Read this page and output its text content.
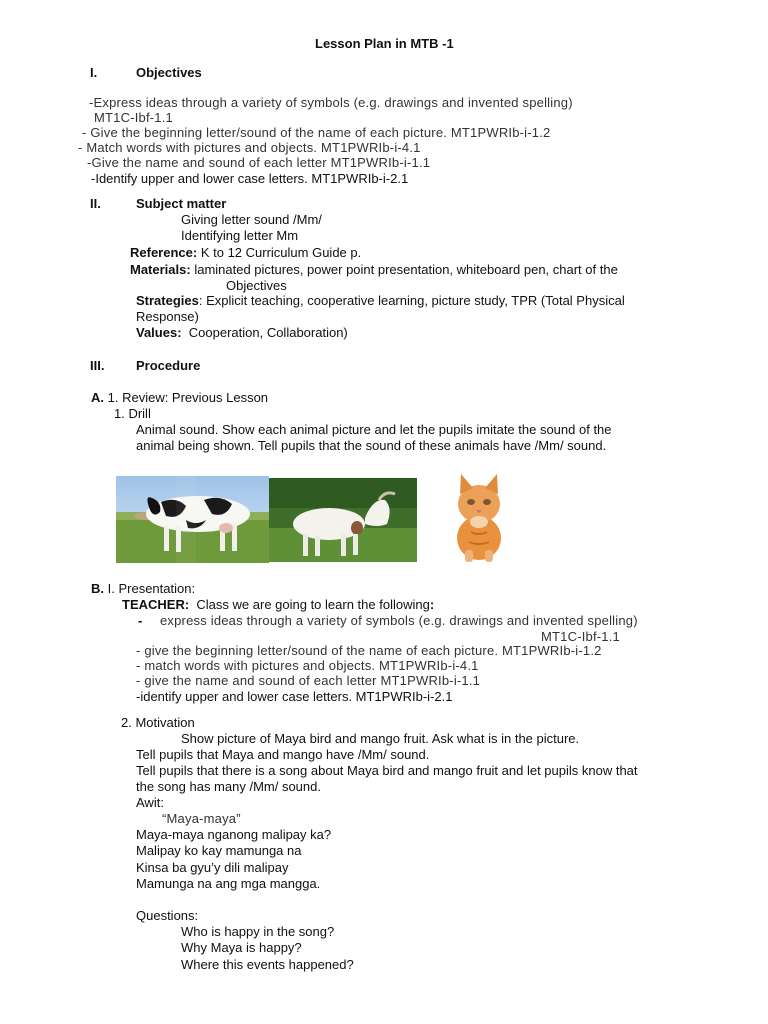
Lesson Plan in MTB -1
I.	Objectives
-Express ideas through a variety of symbols (e.g. drawings and invented spelling)
MT1C-Ibf-1.1
- Give the beginning letter/sound of the name of each picture. MT1PWRIb-i-1.2
- Match words with pictures and objects. MT1PWRIb-i-4.1
-Give the name and sound of each letter MT1PWRIb-i-1.1
-Identify upper and lower case letters. MT1PWRIb-i-2.1
II.	Subject matter
Giving letter sound /Mm/
Identifying letter Mm
Reference: K to 12 Curriculum Guide p.
Materials: laminated pictures, power point presentation, whiteboard pen, chart of the
Objectives
Strategies: Explicit teaching, cooperative learning, picture study, TPR (Total Physical
Response)
Values: Cooperation, Collaboration)
III. Procedure
A. 1. Review: Previous Lesson
1. Drill
Animal sound. Show each animal picture and let the pupils imitate the sound of the
animal being shown. Tell pupils that the sound of these animals have /Mm/ sound.
B. I. Presentation:
TEACHER: Class we are going to learn the following:
- express ideas through a variety of symbols (e.g. drawings and invented spelling)
MT1C-Ibf-1.1
- give the beginning letter/sound of the name of each picture. MT1PWRIb-i-1.2
- match words with pictures and objects. MT1PWRIb-i-4.1
- give the name and sound of each letter MT1PWRIb-i-1.1
-identify upper and lower case letters. MT1PWRIb-i-2.1
2. Motivation
Show picture of Maya bird and mango fruit. Ask what is in the picture.
Tell pupils that Maya and mango have /Mm/ sound.
Tell pupils that there is a song about Maya bird and mango fruit and let pupils know that
the song has many /Mm/ sound.
Awit:
“Maya-maya”
Maya-maya nganong malipay ka?
Malipay ko kay mamunga na
Kinsa ba gyu’y dili malipay
Mamunga na ang mga mangga.
Questions:
Who is happy in the song?
Why Maya is happy?
Where this events happened?
